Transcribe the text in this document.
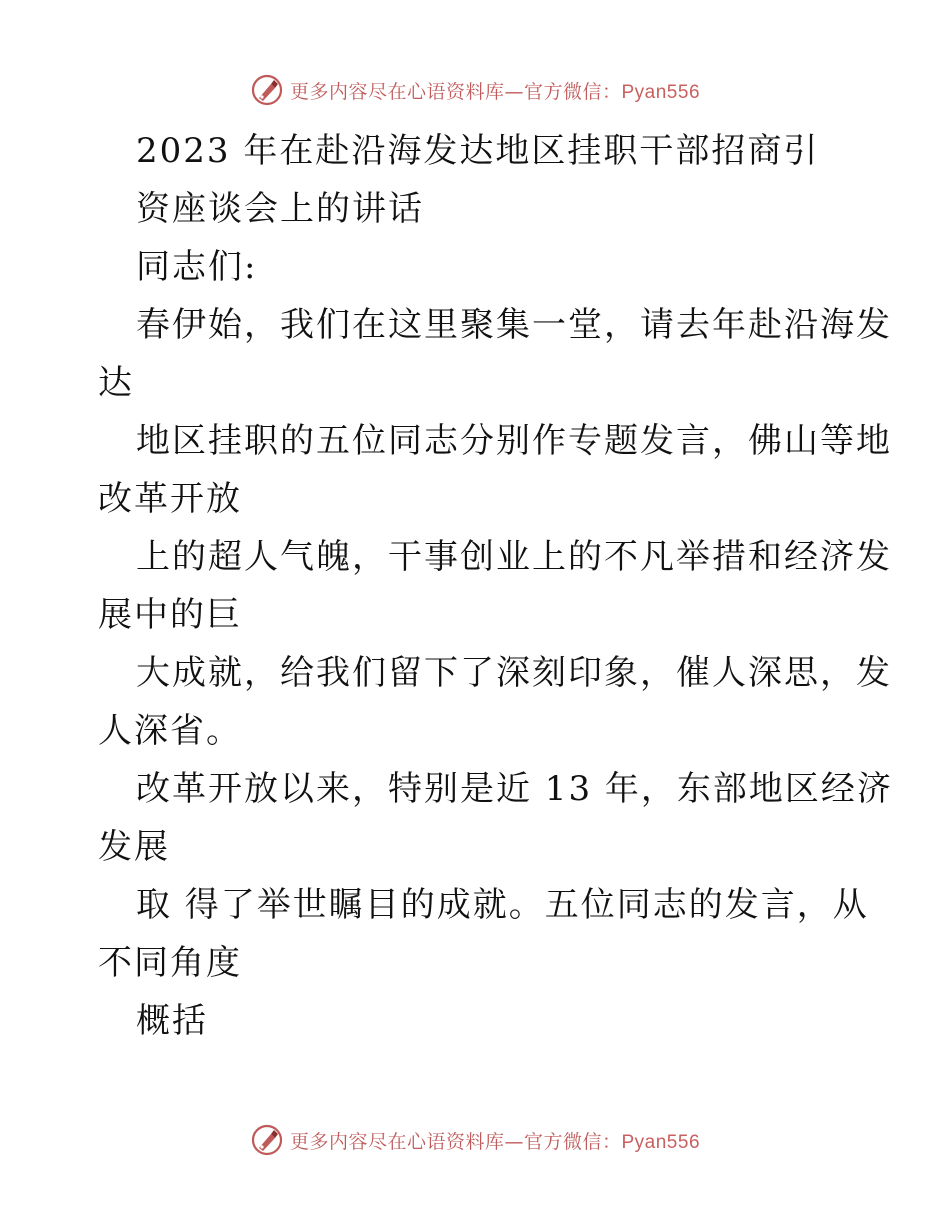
更多内容尽在心语资料库—官方微信：Pyan556
2023 年在赴沿海发达地区挂职干部招商引
资座谈会上的讲话
同志们:
春伊始，我们在这里聚集一堂，请去年赴沿海发
达
地区挂职的五位同志分别作专题发言，佛山等地
改革开放
上的超人气魄，干事创业上的不凡举措和经济发
展中的巨
大成就，给我们留下了深刻印象，催人深思，发
人深省。
改革开放以来，特别是近 13 年，东部地区经济
发展
取 得了举世瞩目的成就。五位同志的发言，从
不同角度
概括
更多内容尽在心语资料库—官方微信：Pyan556
